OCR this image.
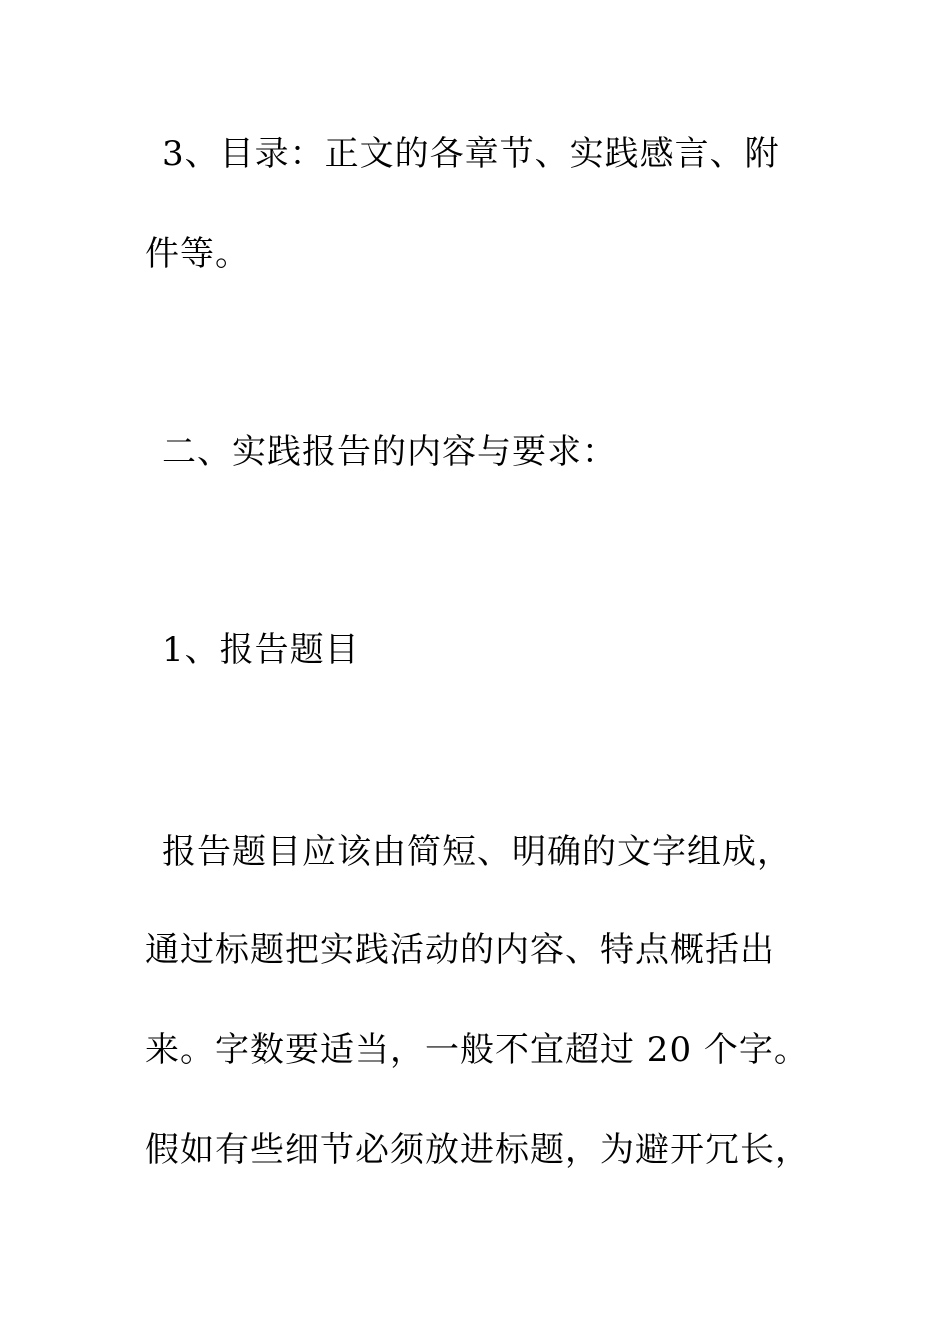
3、目录：正文的各章节、实践感言、附
件等。
二、实践报告的内容与要求：
1、报告题目
报告题目应该由简短、明确的文字组成，
通过标题把实践活动的内容、特点概括出
来。字数要适当，一般不宜超过 20 个字。
假如有些细节必须放进标题，为避开冗长，
